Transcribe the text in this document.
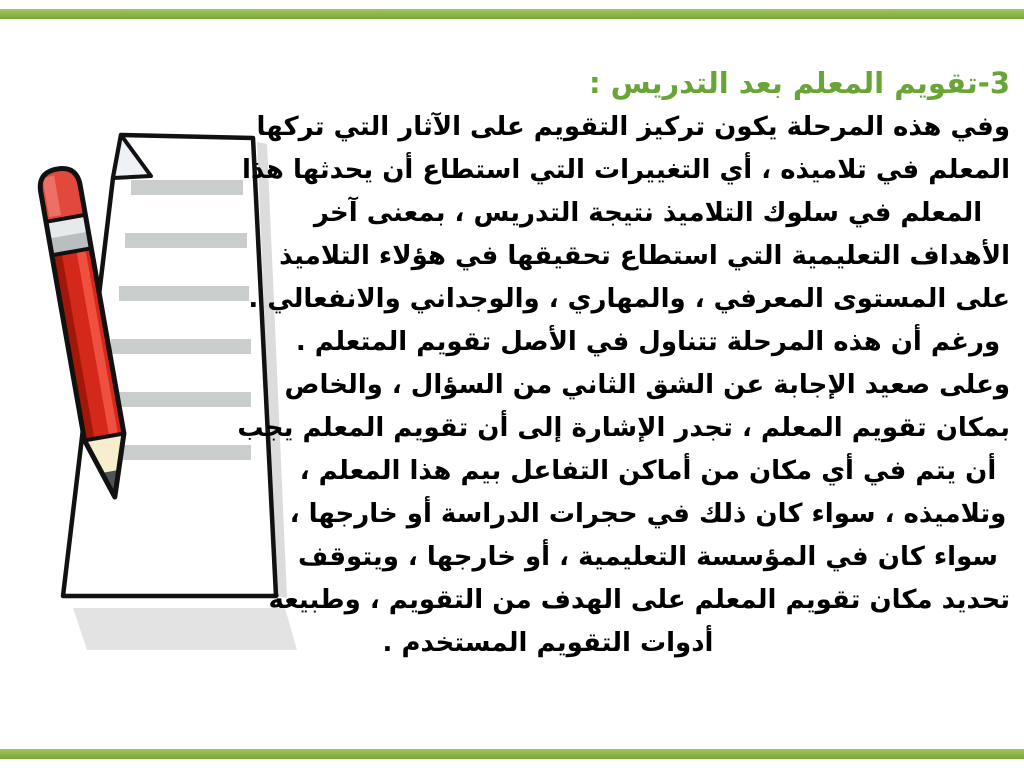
3-تقويم المعلم بعد التدريس :
وفي هذه المرحلة يكون تركيز التقويم على الآثار التي تركها
المعلم في تلاميذه ، أي التغييرات التي استطاع أن يحدثها هذا
المعلم في سلوك التلاميذ نتيجة التدريس ، بمعنى آخر
الأهداف التعليمية التي استطاع تحقيقها في هؤلاء التلاميذ
على المستوى المعرفي ، والمهاري ، والوجداني والانفعالي .
ورغم أن هذه المرحلة تتناول في الأصل تقويم المتعلم .
وعلى صعيد الإجابة عن الشق الثاني من السؤال ، والخاص
بمكان تقويم المعلم ، تجدر الإشارة إلى أن تقويم المعلم يجب
أن يتم في أي مكان من أماكن التفاعل بيم هذا المعلم ،
وتلاميذه ، سواء كان ذلك في حجرات الدراسة أو خارجها ،
سواء كان في المؤسسة التعليمية ، أو خارجها ، ويتوقف
تحديد مكان تقويم المعلم على الهدف من التقويم ، وطبيعة
أدوات التقويم المستخدم .
